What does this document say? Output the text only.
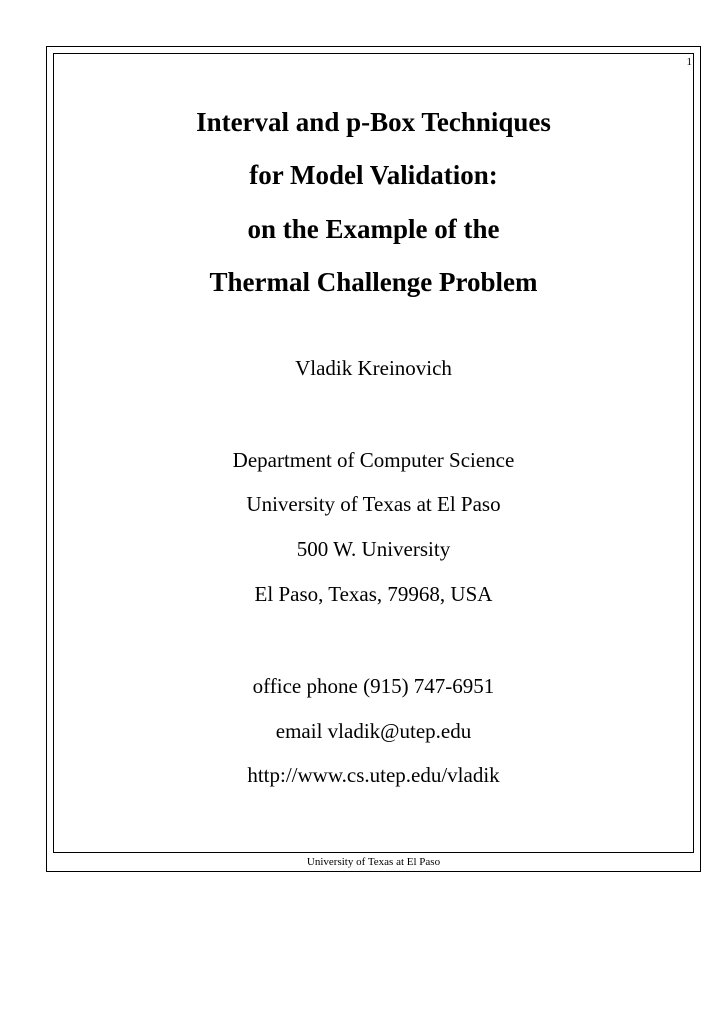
1
Interval and p-Box Techniques
for Model Validation:
on the Example of the
Thermal Challenge Problem
Vladik Kreinovich
Department of Computer Science
University of Texas at El Paso
500 W. University
El Paso, Texas, 79968, USA
office phone (915) 747-6951
email vladik@utep.edu
http://www.cs.utep.edu/vladik
University of Texas at El Paso
